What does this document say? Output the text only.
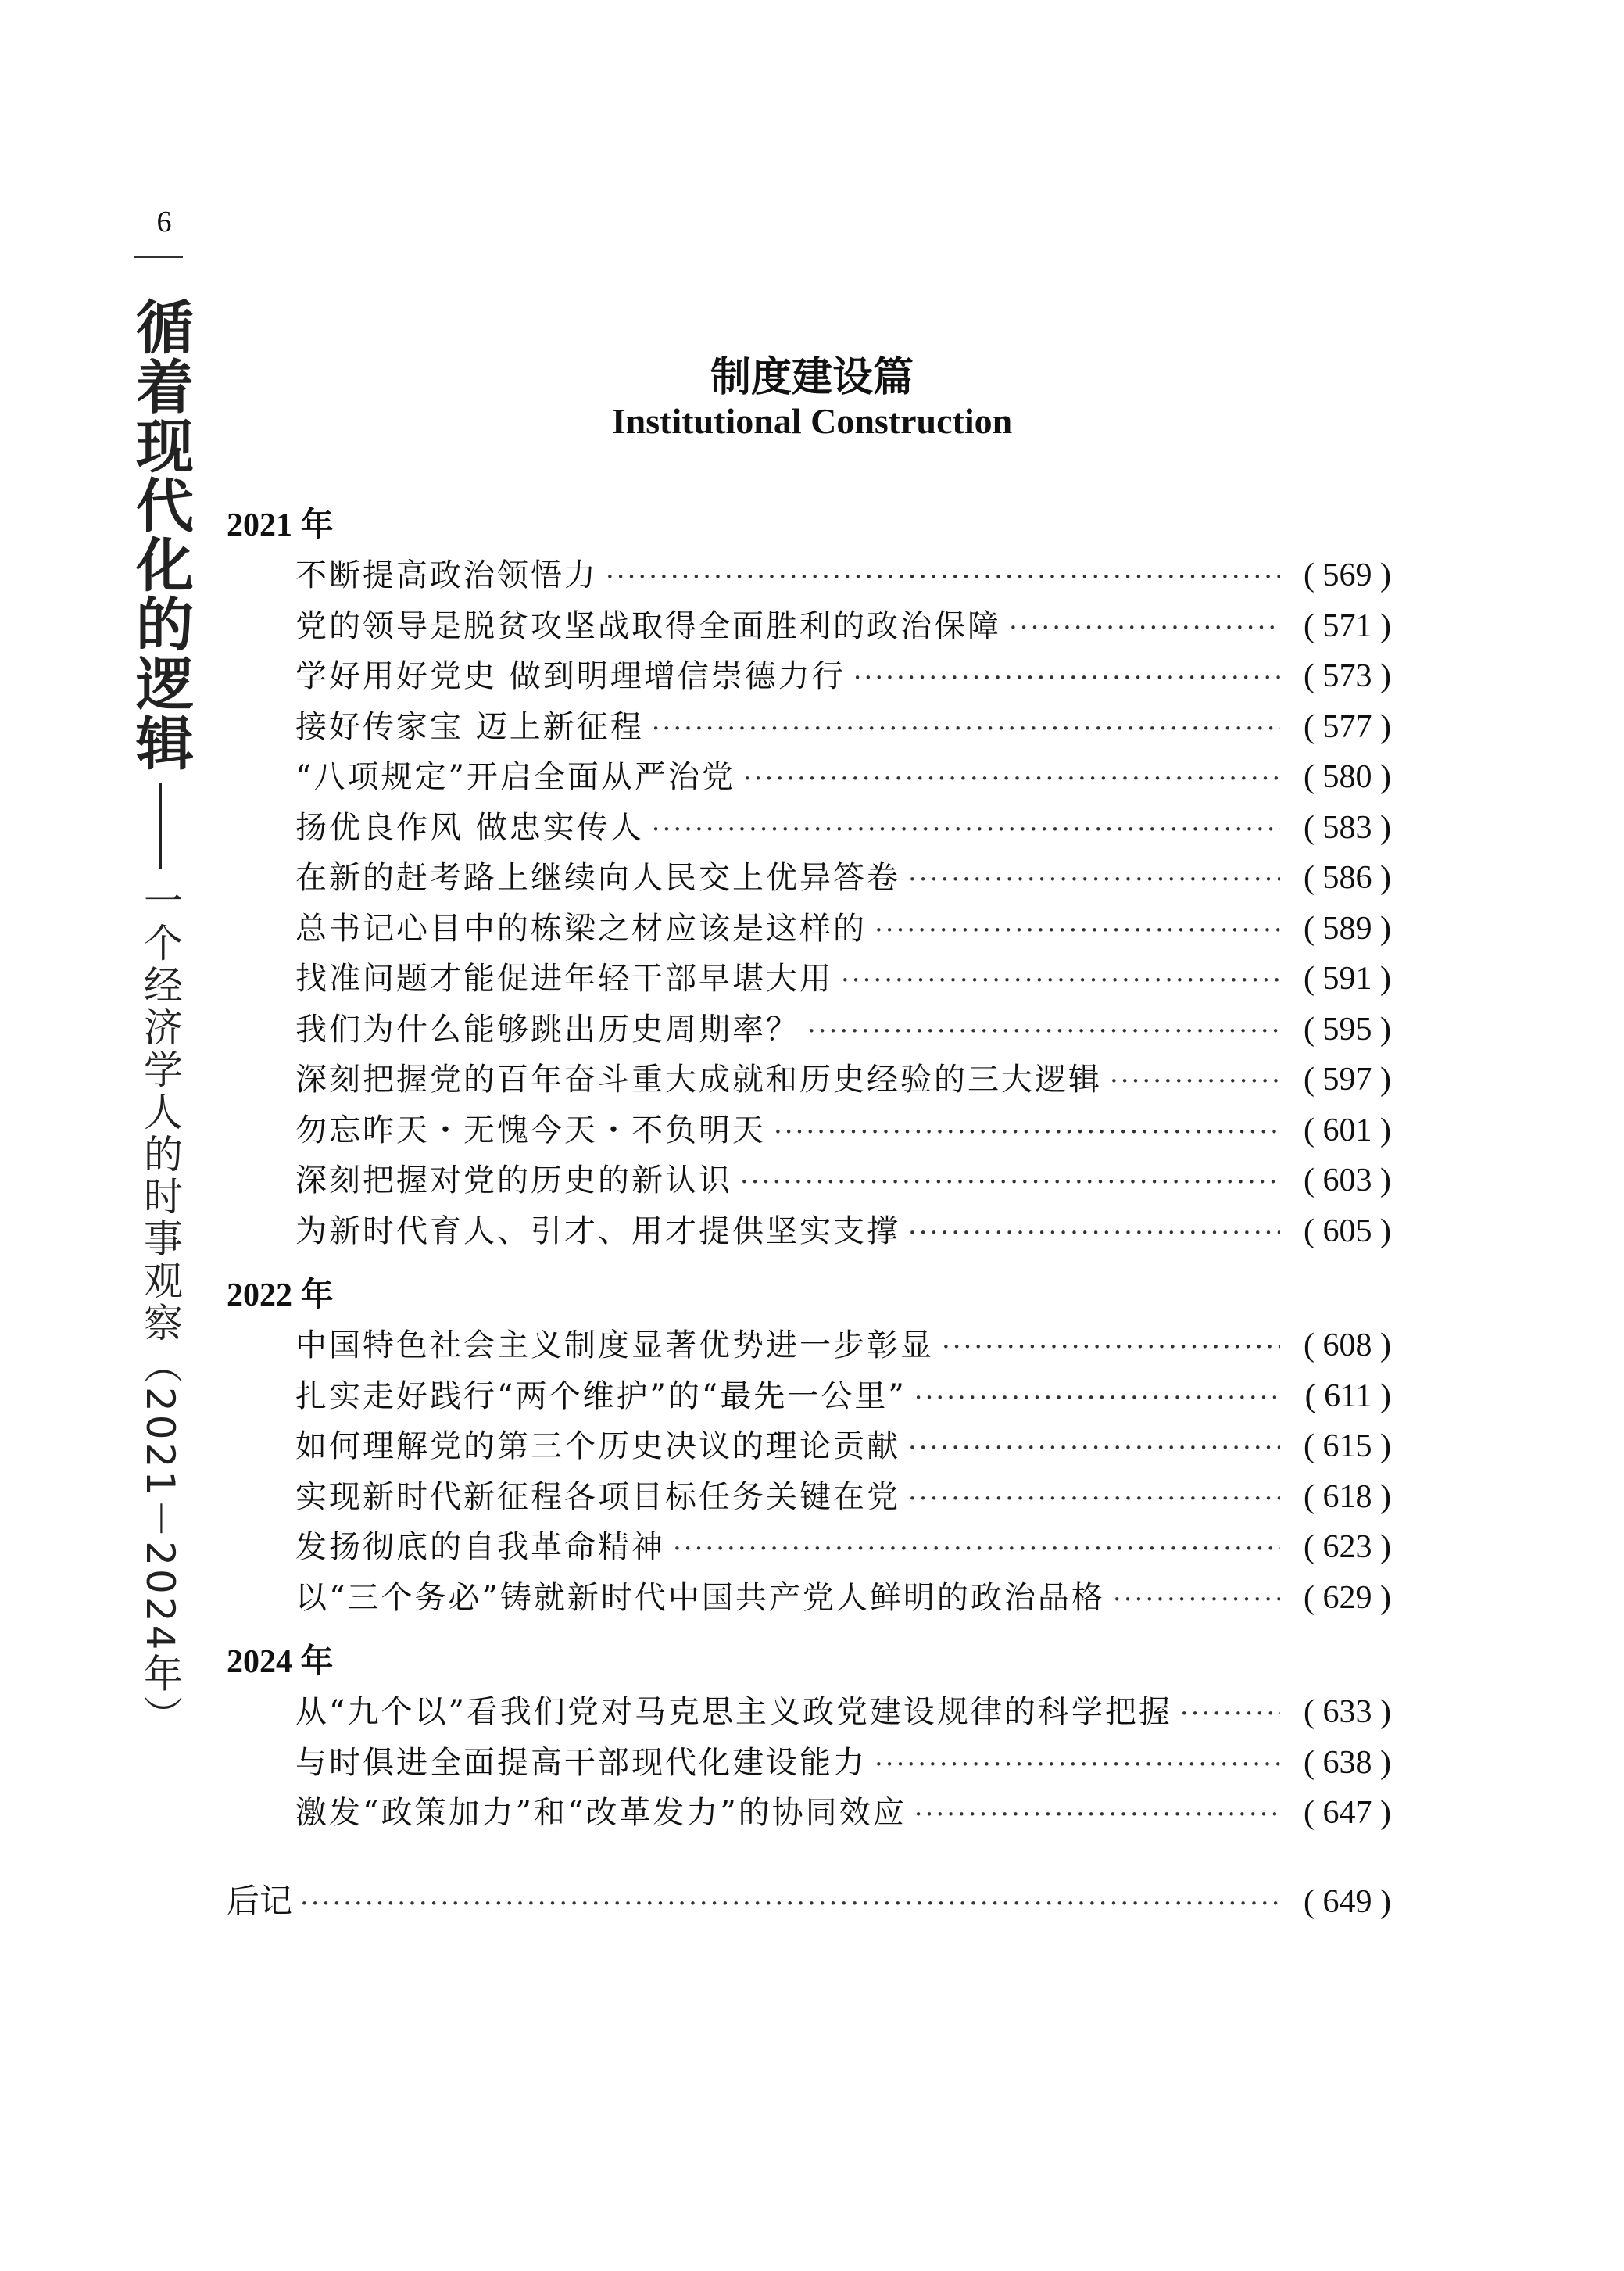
6
循着现代化的逻辑
一个经济学人的时事观察（2021－2024年）
制度建设篇
Institutional Construction
2021 年
不断提高政治领悟力 ·····	( 569 )
党的领导是脱贫攻坚战取得全面胜利的政治保障 ·····	( 571 )
学好用好党史 做到明理增信崇德力行 ·····	( 573 )
接好传家宝 迈上新征程 ·····	( 577 )
“八项规定”开启全面从严治党 ·····	( 580 )
扬优良作风 做忠实传人 ·····	( 583 )
在新的赶考路上继续向人民交上优异答卷 ·····	( 586 )
总书记心目中的栋梁之材应该是这样的 ·····	( 589 )
找准问题才能促进年轻干部早堪大用 ·····	( 591 )
我们为什么能够跳出历史周期率？ ·····	( 595 )
深刻把握党的百年奋斗重大成就和历史经验的三大逻辑 ·····	( 597 )
勿忘昨天・无愧今天・不负明天 ·····	( 601 )
深刻把握对党的历史的新认识 ·····	( 603 )
为新时代育人、引才、用才提供坚实支撑 ·····	( 605 )
2022 年
中国特色社会主义制度显著优势进一步彰显 ·····	( 608 )
扎实走好践行“两个维护”的“最先一公里” ·····	( 611 )
如何理解党的第三个历史决议的理论贡献 ·····	( 615 )
实现新时代新征程各项目标任务关键在党 ·····	( 618 )
发扬彻底的自我革命精神 ·····	( 623 )
以“三个务必”铸就新时代中国共产党人鲜明的政治品格 ·····	( 629 )
2024 年
从“九个以”看我们党对马克思主义政党建设规律的科学把握 ·····	( 633 )
与时俱进全面提高干部现代化建设能力 ·····	( 638 )
激发“政策加力”和“改革发力”的协同效应 ·····	( 647 )
后记 ·····	( 649 )
